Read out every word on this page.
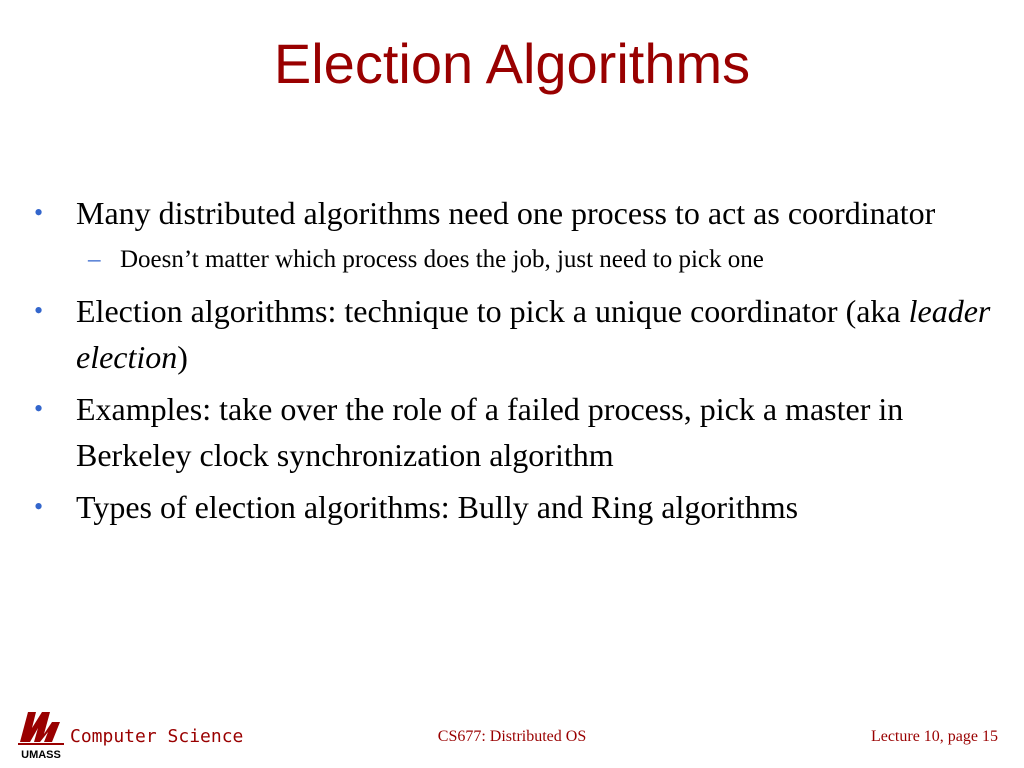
Election Algorithms
• Many distributed algorithms need one process to act as coordinator
– Doesn’t matter which process does the job, just need to pick one
• Election algorithms: technique to pick a unique coordinator (aka leader election)
• Examples: take over the role of a failed process, pick a master in Berkeley clock synchronization algorithm
• Types of election algorithms: Bully and Ring algorithms
UMASS
Computer Science	CS677: Distributed OS	Lecture 10, page 15
